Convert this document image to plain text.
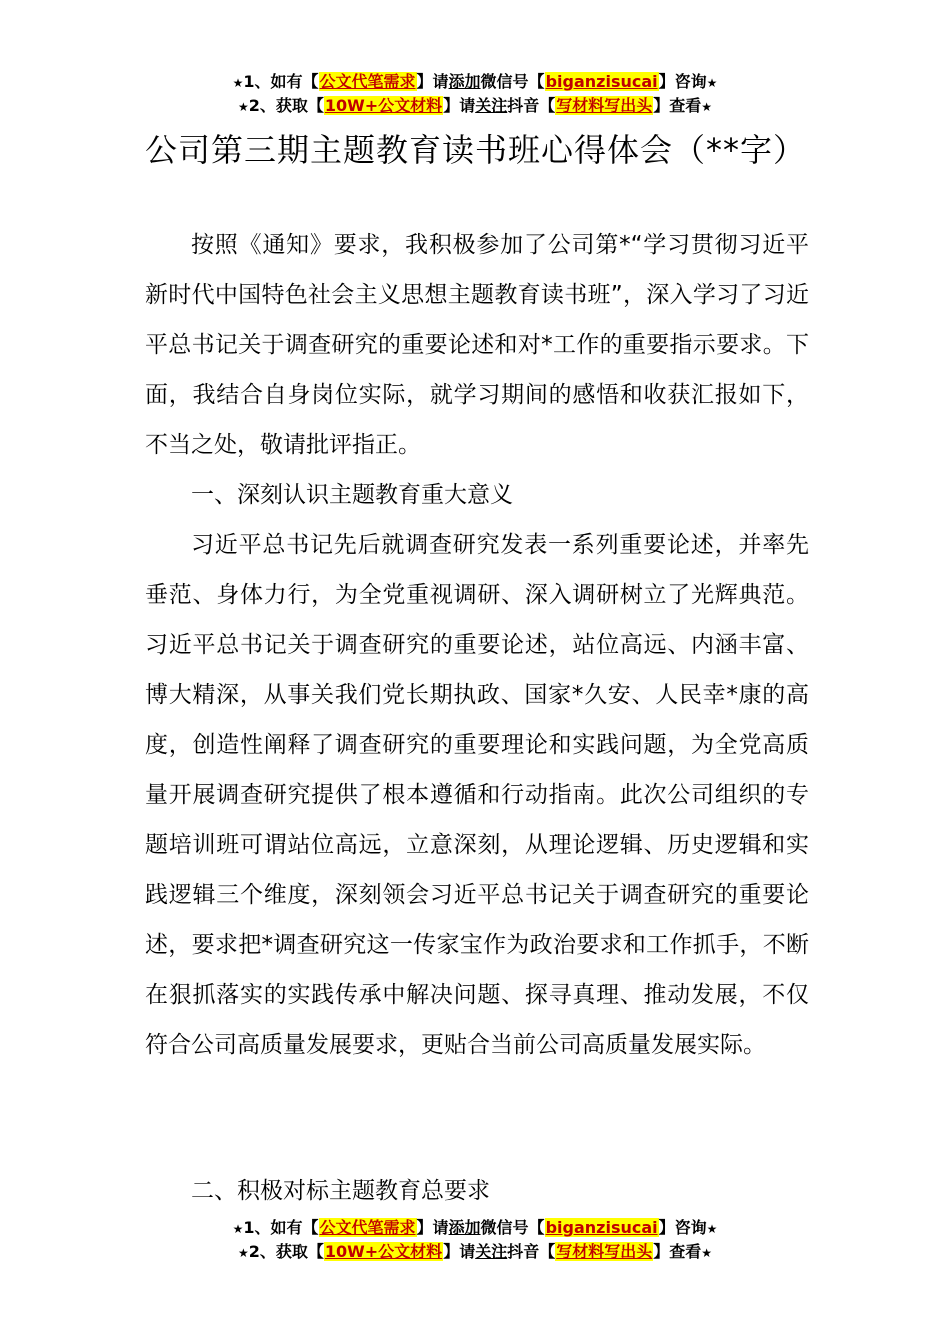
★1、如有【公文代笔需求】请添加微信号【biganzisucai】咨询★
★2、获取【10W+公文材料】请关注抖音【写材料写出头】查看★
公司第三期主题教育读书班心得体会（**字）

按照《通知》要求，我积极参加了公司第*“学习贯彻习近平新时代中国特色社会主义思想主题教育读书班”，深入学习了习近平总书记关于调查研究的重要论述和对*工作的重要指示要求。下面，我结合自身岗位实际，就学习期间的感悟和收获汇报如下，不当之处，敬请批评指正。

一、深刻认识主题教育重大意义

习近平总书记先后就调查研究发表一系列重要论述，并率先垂范、身体力行，为全党重视调研、深入调研树立了光辉典范。习近平总书记关于调查研究的重要论述，站位高远、内涵丰富、博大精深，从事关我们党长期执政、国家*久安、人民幸*康的高度，创造性阐释了调查研究的重要理论和实践问题，为全党高质量开展调查研究提供了根本遵循和行动指南。此次公司组织的专题培训班可谓站位高远，立意深刻，从理论逻辑、历史逻辑和实践逻辑三个维度，深刻领会习近平总书记关于调查研究的重要论述，要求把*调查研究这一传家宝作为政治要求和工作抓手，不断在狠抓落实的实践传承中解决问题、探寻真理、推动发展，不仅符合公司高质量发展要求，更贴合当前公司高质量发展实际。

二、积极对标主题教育总要求

★1、如有【公文代笔需求】请添加微信号【biganzisucai】咨询★
★2、获取【10W+公文材料】请关注抖音【写材料写出头】查看★
